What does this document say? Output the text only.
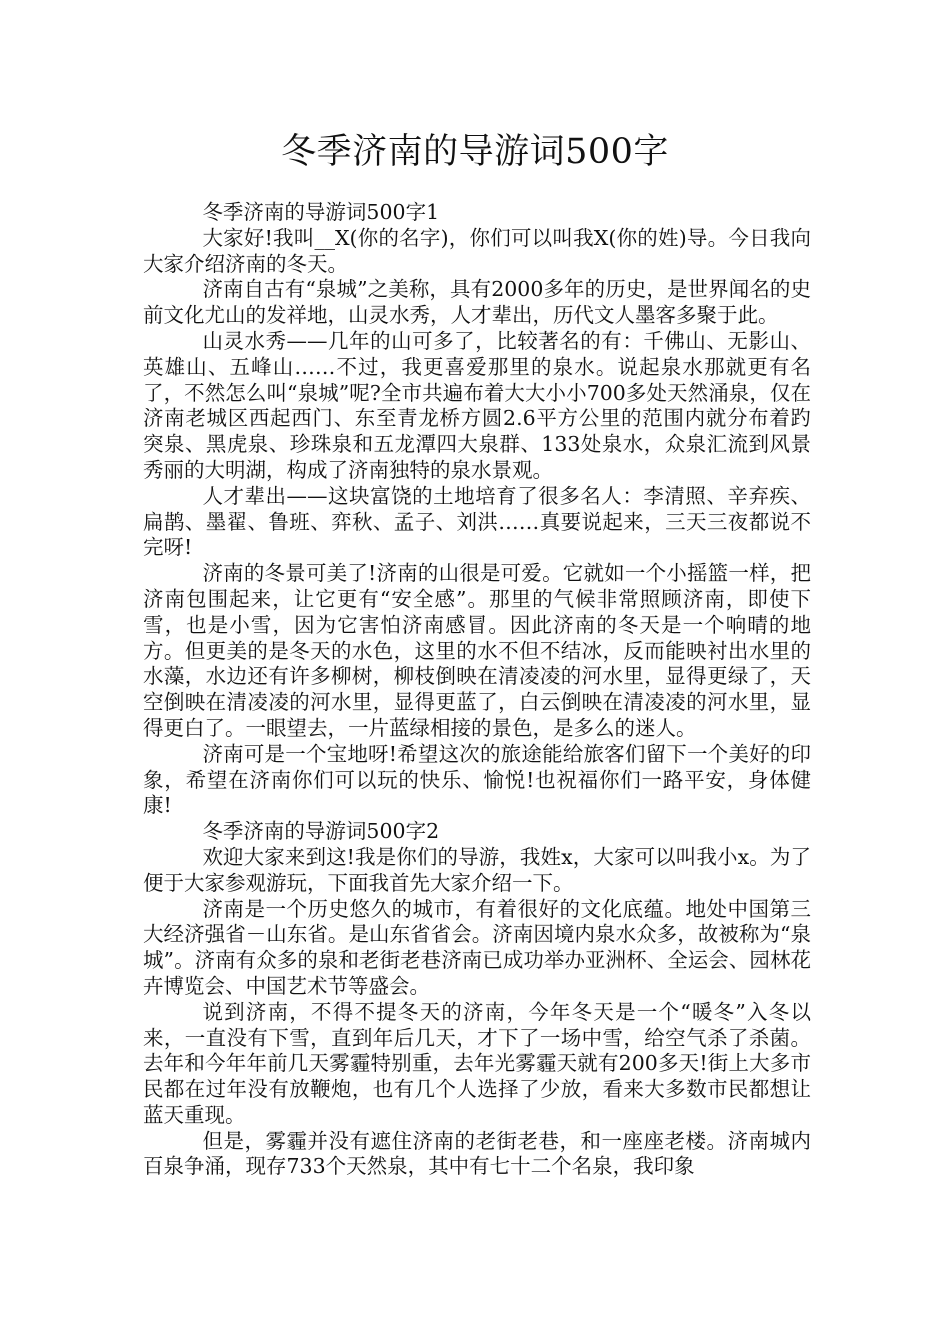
冬季济南的导游词500字

冬季济南的导游词500字1

大家好!我叫__X(你的名字)，你们可以叫我X(你的姓)导。今日我向大家介绍济南的冬天。

济南自古有“泉城”之美称，具有2000多年的历史，是世界闻名的史前文化尤山的发祥地，山灵水秀，人才辈出，历代文人墨客多聚于此。

山灵水秀——几年的山可多了，比较著名的有：千佛山、无影山、英雄山、五峰山……不过，我更喜爱那里的泉水。说起泉水那就更有名了，不然怎么叫“泉城”呢?全市共遍布着大大小小700多处天然涌泉，仅在济南老城区西起西门、东至青龙桥方圆2.6平方公里的范围内就分布着趵突泉、黑虎泉、珍珠泉和五龙潭四大泉群、133处泉水，众泉汇流到风景秀丽的大明湖，构成了济南独特的泉水景观。

人才辈出——这块富饶的土地培育了很多名人：李清照、辛弃疾、扁鹊、墨翟、鲁班、弈秋、孟子、刘洪……真要说起来，三天三夜都说不完呀!

济南的冬景可美了!济南的山很是可爱。它就如一个小摇篮一样，把济南包围起来，让它更有“安全感”。那里的气候非常照顾济南，即使下雪，也是小雪，因为它害怕济南感冒。因此济南的冬天是一个响晴的地方。但更美的是冬天的水色，这里的水不但不结冰，反而能映衬出水里的水藻，水边还有许多柳树，柳枝倒映在清凌凌的河水里，显得更绿了，天空倒映在清凌凌的河水里，显得更蓝了，白云倒映在清凌凌的河水里，显得更白了。一眼望去，一片蓝绿相接的景色，是多么的迷人。

济南可是一个宝地呀!希望这次的旅途能给旅客们留下一个美好的印象，希望在济南你们可以玩的快乐、愉悦!也祝福你们一路平安，身体健康!

冬季济南的导游词500字2

欢迎大家来到这!我是你们的导游，我姓x，大家可以叫我小x。为了便于大家参观游玩，下面我首先大家介绍一下。

济南是一个历史悠久的城市，有着很好的文化底蕴。地处中国第三大经济强省－山东省。是山东省省会。济南因境内泉水众多，故被称为“泉城”。济南有众多的泉和老街老巷济南已成功举办亚洲杯、全运会、园林花卉博览会、中国艺术节等盛会。

说到济南，不得不提冬天的济南，今年冬天是一个“暖冬”入冬以来，一直没有下雪，直到年后几天，才下了一场中雪，给空气杀了杀菌。去年和今年年前几天雾霾特别重，去年光雾霾天就有200多天!街上大多市民都在过年没有放鞭炮，也有几个人选择了少放，看来大多数市民都想让蓝天重现。

但是，雾霾并没有遮住济南的老街老巷，和一座座老楼。济南城内百泉争涌，现存733个天然泉，其中有七十二个名泉，我印象
